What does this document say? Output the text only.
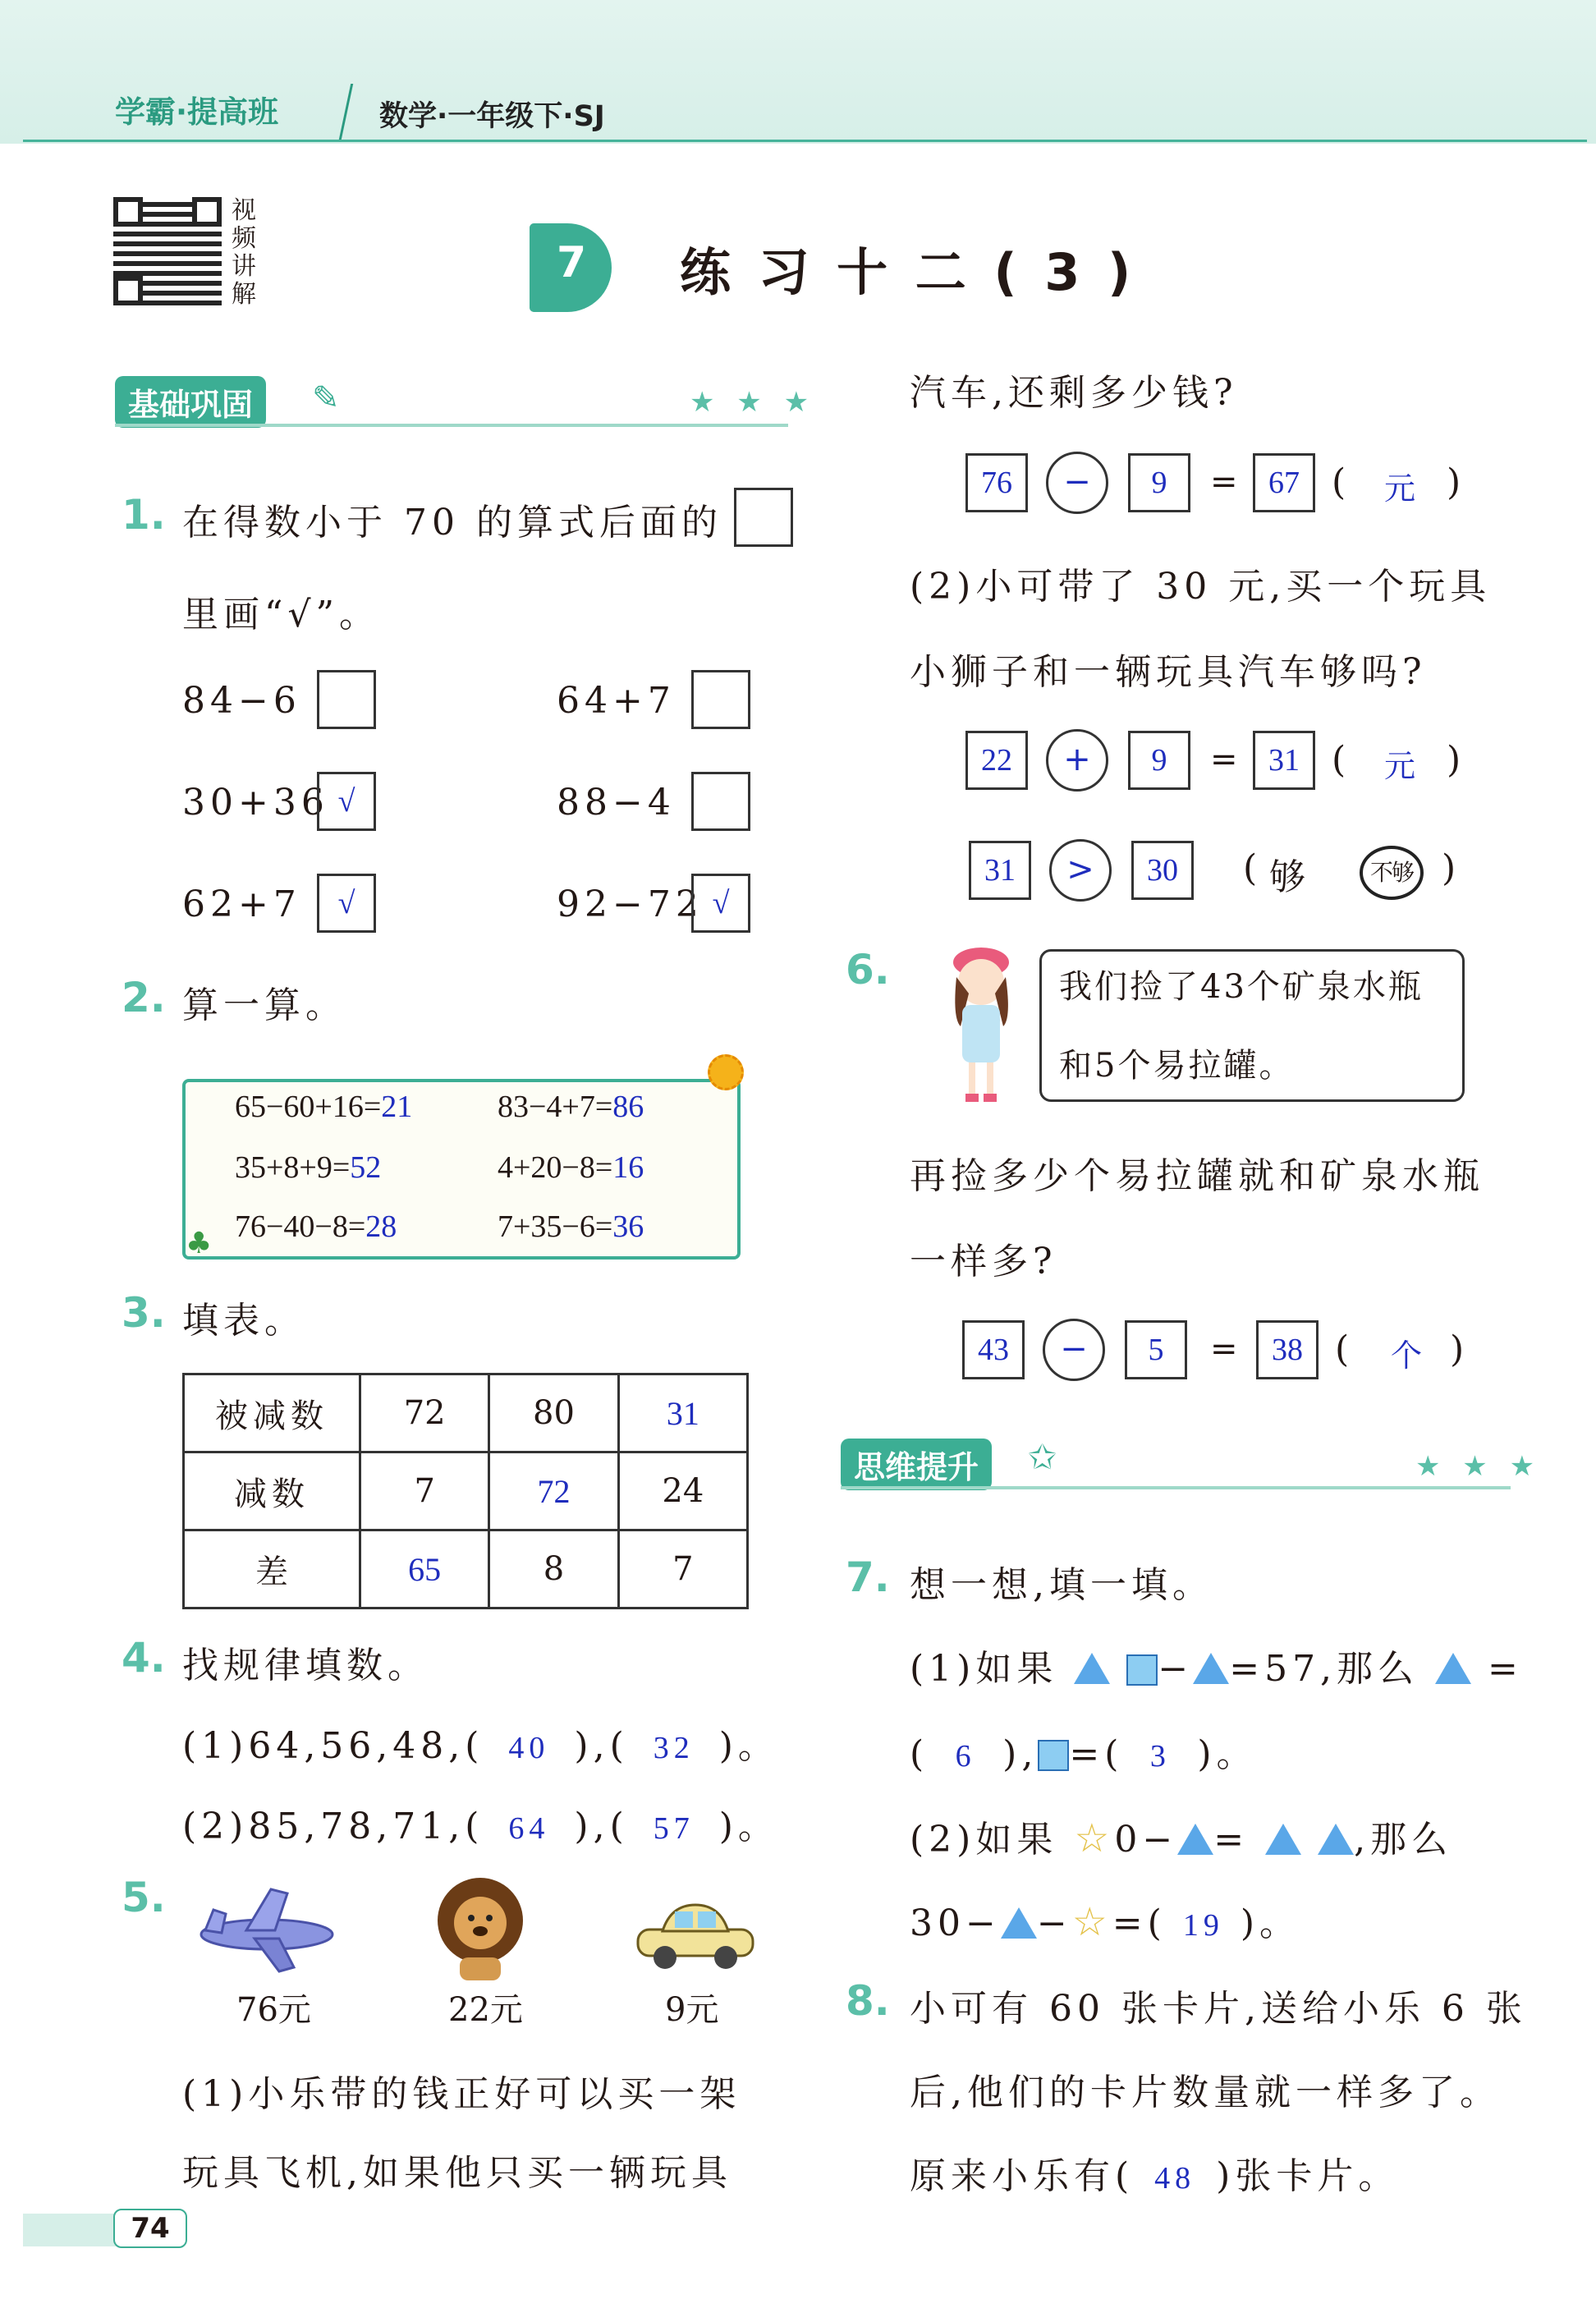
学霸·提高班	数学·一年级下·SJ
视频讲解
7 练 习 十 二 ( 3 )
基础巩固	✎	★ ★ ★
1. 在得数小于 70 的算式后面的
里画“√”。
84−6	64+7
30+36 √	88−4
62+7	√	92−72 √
2. 算一算。
♣
65−60+16=21	83−4+7=86
35+8+9=52	4+20−8=16
76−40−8=28	7+35−6=36
3. 填表。
被减数	72	80	31
减数	7	72	24
差	65	8	7
4. 找规律填数。
(1)64,56,48,( 40 ),( 32 )。
(2)85,78,71,( 64 ),( 57 )。
5.
76元	22元	9元
(1)小乐带的钱正好可以买一架
玩具飞机,如果他只买一辆玩具
74
汽车,还剩多少钱?
76	−	9	= 67 ( 元 )
(2)小可带了 30 元,买一个玩具
小狮子和一辆玩具汽车够吗?
22	+	9	= 31 ( 元 )
31	>	30	( 够	不够 )
6.	我们捡了43个矿泉水瓶
和5个易拉罐。
再捡多少个易拉罐就和矿泉水瓶
一样多?
43	−	5	=	38 ( 个 )
思维提升	✩	★ ★ ★
7. 想一想,填一填。
(1)如果	− =57,那么 =
( 6 ), =( 3 )。
(2)如果 ☆0− =	,那么
30− −☆=( 19 )。
8. 小可有 60 张卡片,送给小乐 6 张
后,他们的卡片数量就一样多了。
原来小乐有( 48 )张卡片。
